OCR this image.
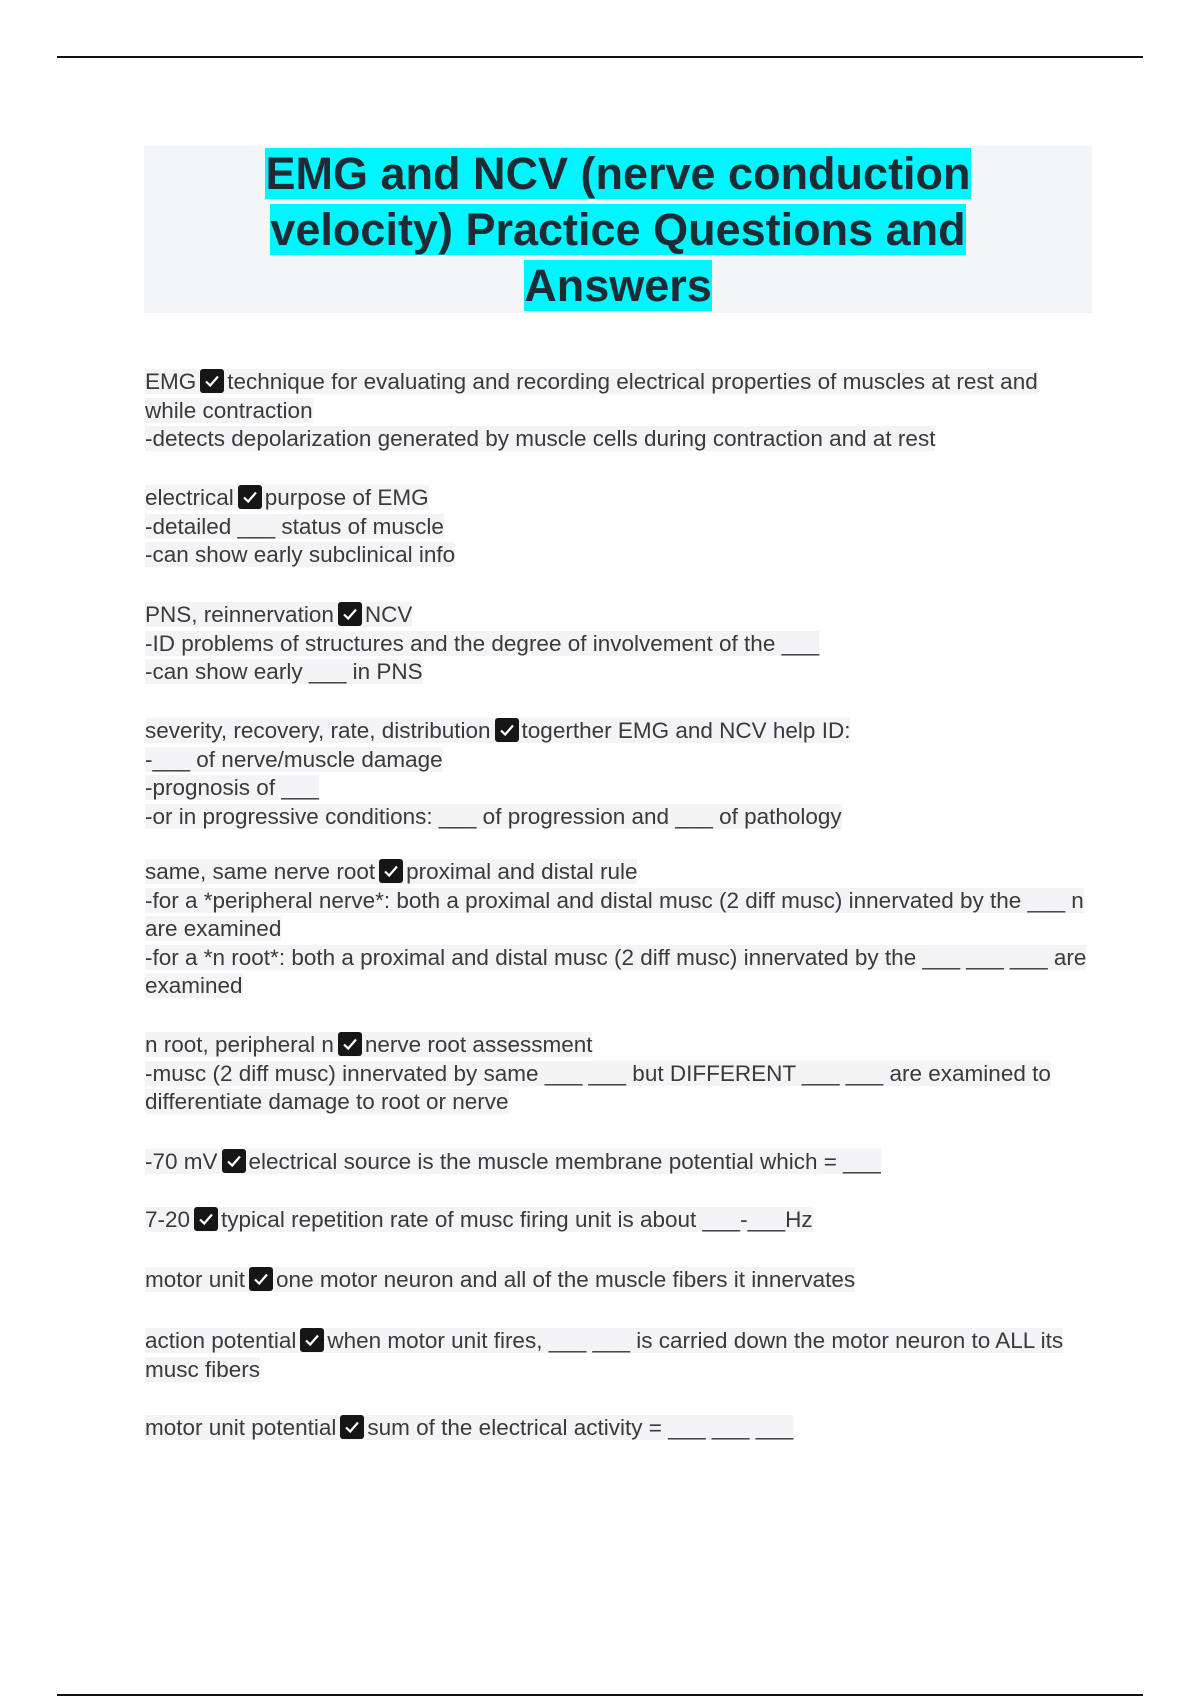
EMG and NCV (nerve conduction velocity) Practice Questions and Answers

EMG technique for evaluating and recording electrical properties of muscles at rest and while contraction
-detects depolarization generated by muscle cells during contraction and at rest

electrical purpose of EMG
-detailed ___ status of muscle
-can show early subclinical info

PNS, reinnervation NCV
-ID problems of structures and the degree of involvement of the ___
-can show early ___ in PNS

severity, recovery, rate, distribution togerther EMG and NCV help ID:
-___ of nerve/muscle damage
-prognosis of ___
-or in progressive conditions: ___ of progression and ___ of pathology

same, same nerve root proximal and distal rule
-for a *peripheral nerve*: both a proximal and distal musc (2 diff musc) innervated by the ___ n are examined
-for a *n root*: both a proximal and distal musc (2 diff musc) innervated by the ___ ___ ___ are examined

n root, peripheral n nerve root assessment
-musc (2 diff musc) innervated by same ___ ___ but DIFFERENT ___ ___ are examined to differentiate damage to root or nerve

-70 mV electrical source is the muscle membrane potential which = ___

7-20 typical repetition rate of musc firing unit is about ___-___Hz

motor unit one motor neuron and all of the muscle fibers it innervates

action potential when motor unit fires, ___ ___ is carried down the motor neuron to ALL its musc fibers

motor unit potential sum of the electrical activity = ___ ___ ___
